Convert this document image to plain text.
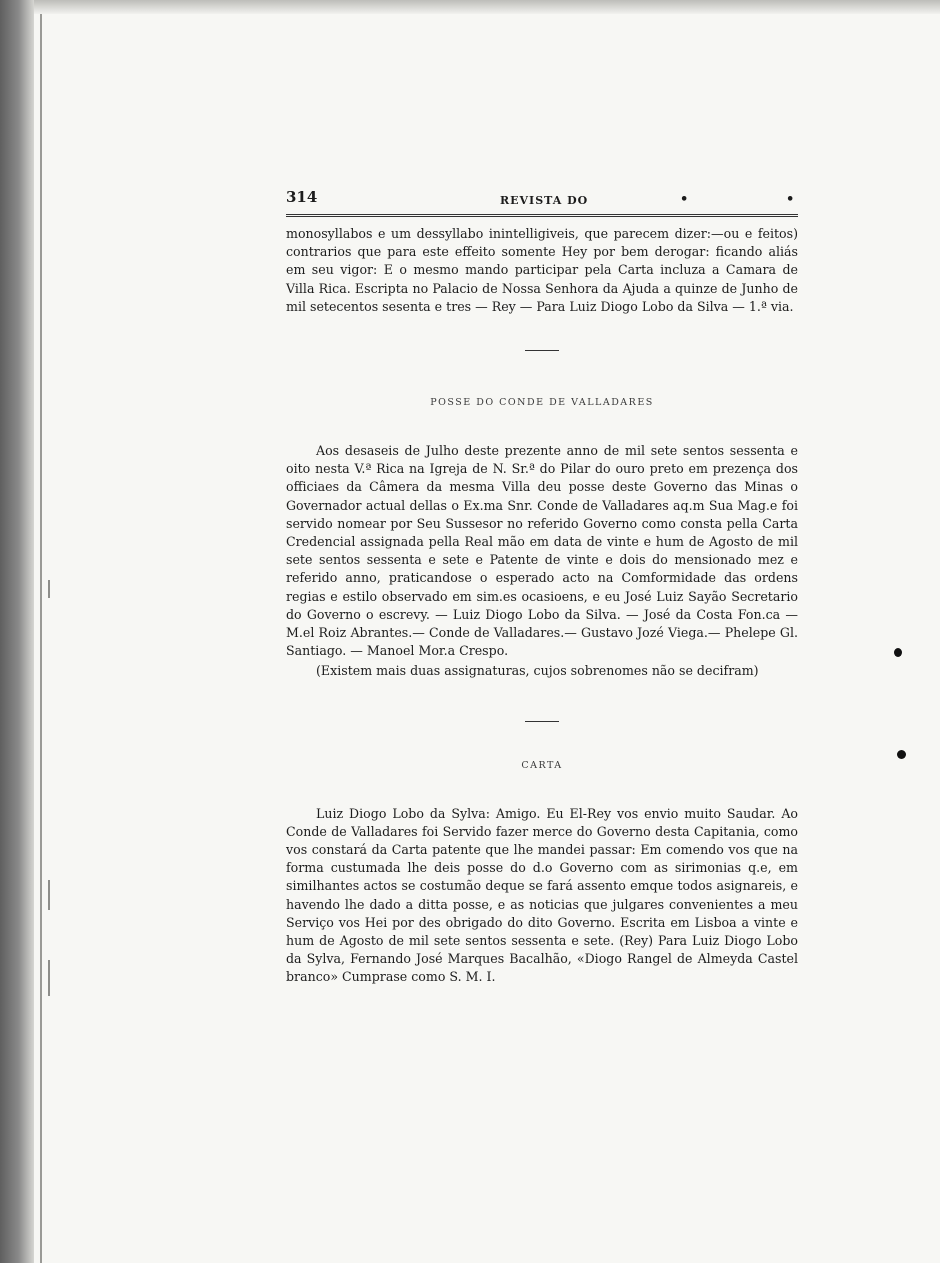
314	REVISTA DO	•	•

monosyllabos e um dessyllabo inintelligiveis, que parecem dizer:—ou e feitos) contrarios que para este effeito somente Hey por bem derogar: ficando aliás em seu vigor: E o mesmo mando participar pela Carta incluza a Camara de Villa Rica. Escripta no Palacio de Nossa Senhora da Ajuda a quinze de Junho de mil setecentos sesenta e tres — Rey — Para Luiz Diogo Lobo da Silva — 1.ª via.

POSSE DO CONDE DE VALLADARES

Aos desaseis de Julho deste prezente anno de mil sete sentos sessenta e oito nesta V.ª Rica na Igreja de N. Sr.ª do Pilar do ouro preto em prezença dos officiaes da Câmera da mesma Villa deu posse deste Governo das Minas o Governador actual dellas o Ex.ma Snr. Conde de Valladares aq.m Sua Mag.e foi servido nomear por Seu Sussesor no referido Governo como consta pella Carta Credencial assignada pella Real mão em data de vinte e hum de Agosto de mil sete sentos sessenta e sete e Patente de vinte e dois do mensionado mez e referido anno, praticandose o esperado acto na Comformidade das ordens regias e estilo observado em sim.es ocasioens, e eu José Luiz Sayão Secretario do Governo o escrevy. — Luiz Diogo Lobo da Silva. — José da Costa Fon.ca — M.el Roiz Abrantes.— Conde de Valladares.— Gustavo Jozé Viega.— Phelepe Gl. Santiago. — Manoel Mor.a Crespo.

(Existem mais duas assignaturas, cujos sobrenomes não se decifram)

CARTA

Luiz Diogo Lobo da Sylva: Amigo. Eu El-Rey vos envio muito Saudar. Ao Conde de Valladares foi Servido fazer merce do Governo desta Capitania, como vos constará da Carta patente que lhe mandei passar: Em comendo vos que na forma custumada lhe deis posse do d.o Governo com as sirimonias q.e, em similhantes actos se costumão deque se fará assento emque todos asignareis, e havendo lhe dado a ditta posse, e as noticias que julgares convenientes a meu Serviço vos Hei por des obrigado do dito Governo. Escrita em Lisboa a vinte e hum de Agosto de mil sete sentos sessenta e sete. (Rey) Para Luiz Diogo Lobo da Sylva, Fernando José Marques Bacalhão, «Diogo Rangel de Almeyda Castel branco» Cumprase como S. M. I.
